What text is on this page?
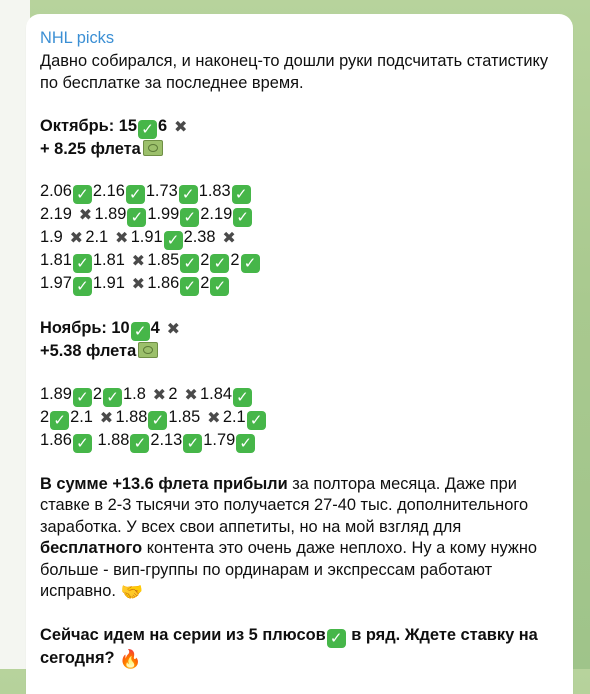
NHL picks

Давно собирался, и наконец-то дошли руки подсчитать статистику по бесплатке за последнее время.

Октябрь: 15 ✓ 6 ✖
+ 8.25 флета
2.06 ✓ 2.16 ✓ 1.73 ✓ 1.83 ✓
2.19 ✖ 1.89 ✓ 1.99 ✓ 2.19 ✓
1.9 ✖ 2.1 ✖ 1.91 ✓ 2.38 ✖
1.81 ✓ 1.81 ✖ 1.85 ✓ 2 ✓ 2 ✓
1.97 ✓ 1.91 ✖ 1.86 ✓ 2 ✓
Ноябрь: 10 ✓ 4 ✖
+5.38 флета
1.89 ✓ 2 ✓ 1.8 ✖ 2 ✖ 1.84 ✓
2 ✓ 2.1 ✖ 1.88 ✓ 1.85 ✖ 2.1 ✓
1.86 ✓ 1.88 ✓ 2.13 ✓ 1.79 ✓

В сумме +13.6 флета прибыли за полтора месяца. Даже при ставке в 2-3 тысячи это получается 27-40 тыс. дополнительного заработка. У всех свои аппетиты, но на мой взгляд для бесплатного контента это очень даже неплохо. Ну а кому нужно больше - вип-группы по ординарам и экспрессам работают исправно. 🤝

Сейчас идем на серии из 5 плюсов ✓ в ряд. Ждете ставку на сегодня? 🔥
